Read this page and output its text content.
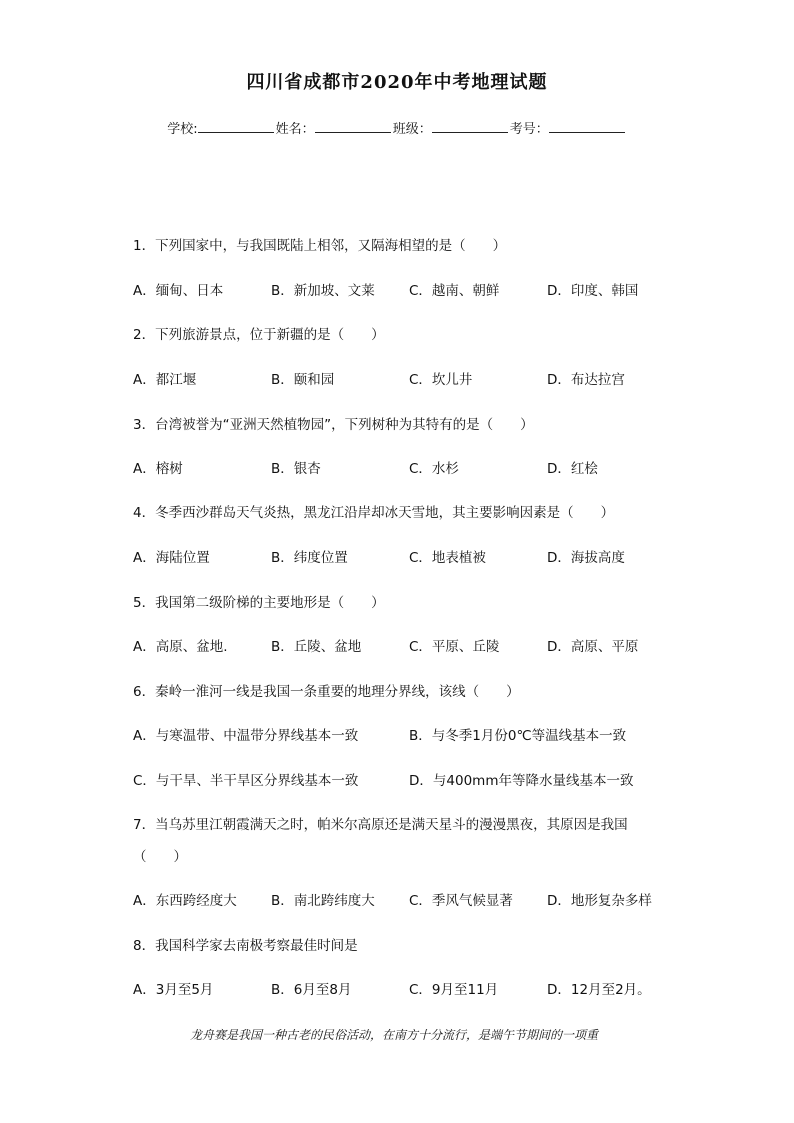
四川省成都市2020年中考地理试题
学校:	姓名：	班级：	考号：
1．下列国家中，与我国既陆上相邻，又隔海相望的是（　　）
A．缅甸、日本	B．新加坡、文莱	C．越南、朝鲜	D．印度、韩国
2．下列旅游景点，位于新疆的是（　　）
A．都江堰	B．颐和园	C．坎儿井	D．布达拉宫
3．台湾被誉为“亚洲天然植物园”，下列树种为其特有的是（　　）
A．榕树	B．银杏	C．水杉	D．红桧
4．冬季西沙群岛天气炎热，黑龙江沿岸却冰天雪地，其主要影响因素是（　　）
A．海陆位置	B．纬度位置	C．地表植被	D．海拔高度
5．我国第二级阶梯的主要地形是（　　）
A．高原、盆地.	B．丘陵、盆地	C．平原、丘陵	D．高原、平原
6．秦岭一淮河一线是我国一条重要的地理分界线，该线（　　）
A．与寒温带、中温带分界线基本一致	B．与冬季1月份0℃等温线基本一致
C．与干旱、半干旱区分界线基本一致	D．与400mm年等降水量线基本一致
7．当乌苏里江朝霞满天之时，帕米尔高原还是满天星斗的漫漫黑夜，其原因是我国
（　　）
A．东西跨经度大	B．南北跨纬度大	C．季风气候显著	D．地形复杂多样
8．我国科学家去南极考察最佳时间是
A．3月至5月	B．6月至8月	C．9月至11月	D．12月至2月。
龙舟赛是我国一种古老的民俗活动，在南方十分流行，是端午节期间的一项重
